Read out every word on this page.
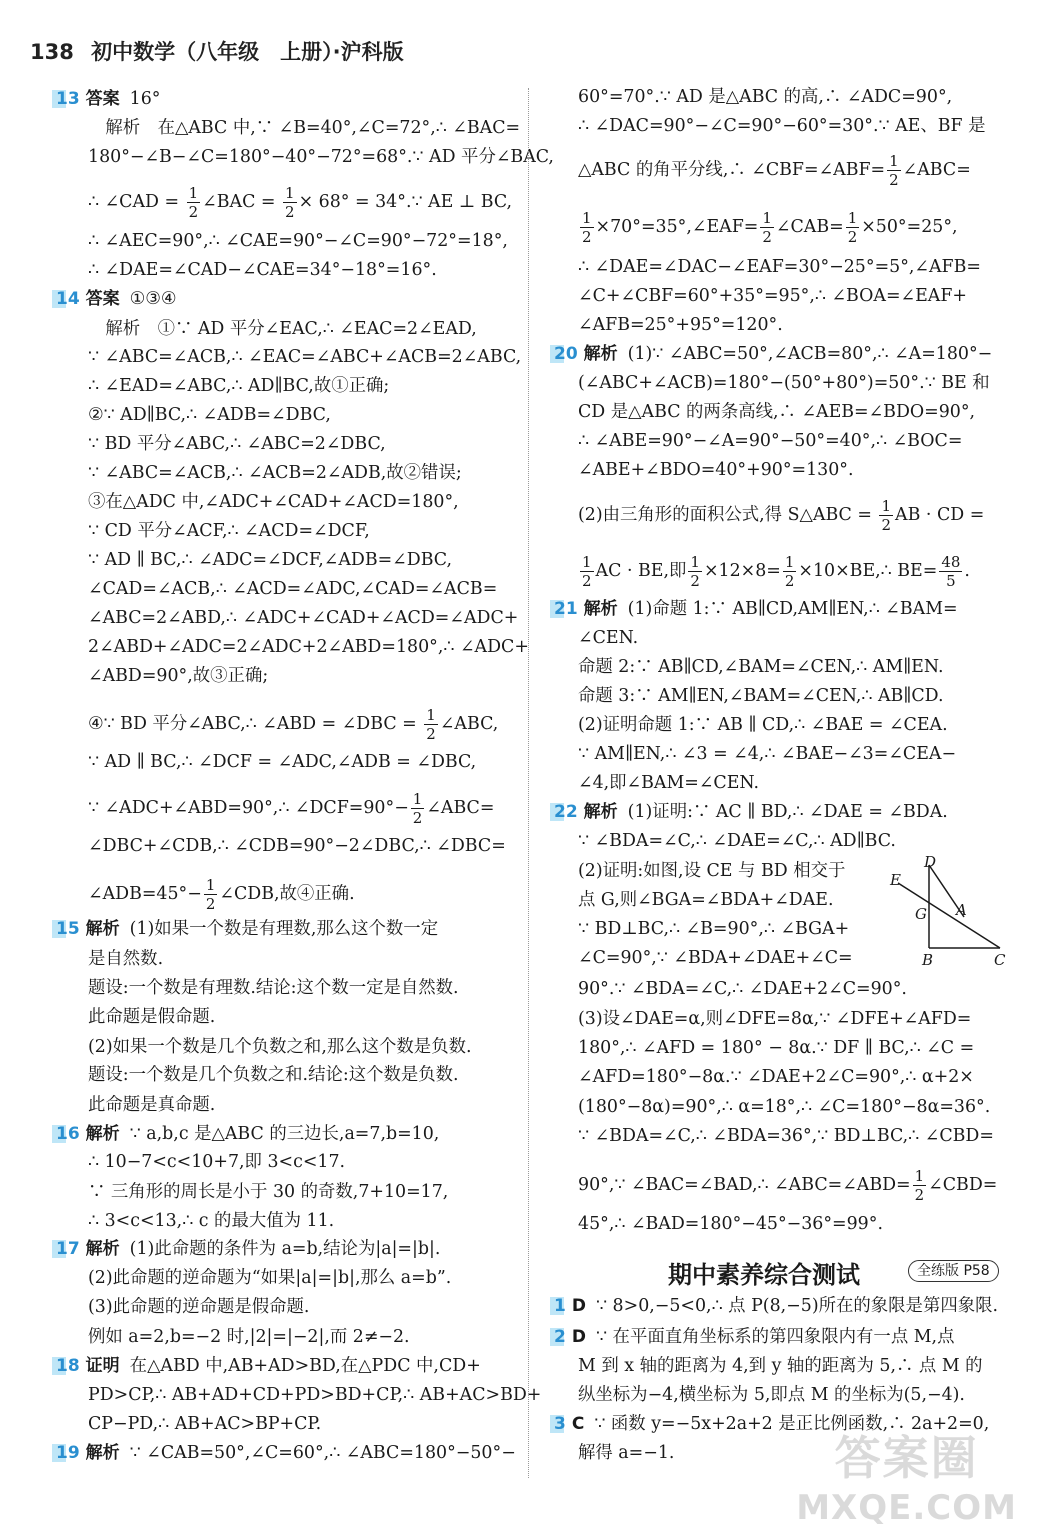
138 初中数学（八年级　上册）·沪科版
13 答案 16°
　解析　在△ABC 中,∵ ∠B=40°,∠C=72°,∴ ∠BAC=
180°−∠B−∠C=180°−40°−72°=68°.∵ AD 平分∠BAC,
∴ ∠CAD = $\frac{1}{2}$ ∠BAC = $\frac{1}{2} \times 68^\circ$ = 34°.∵ AE ⊥ BC,
∴ ∠AEC=90°,∴ ∠CAE=90°−∠C=90°−72°=18°,
∴ ∠DAE=∠CAD−∠CAE=34°−18°=16°.
14 答案 ①③④
　解析　①∵ AD 平分∠EAC,∴ ∠EAC=2∠EAD,
∵ ∠ABC=∠ACB,∴ ∠EAC=∠ABC+∠ACB=2∠ABC,
∴ ∠EAD=∠ABC,∴ AD∥BC,故①正确;
②∵ AD∥BC,∴ ∠ADB=∠DBC,
∵ BD 平分∠ABC,∴ ∠ABC=2∠DBC,
∵ ∠ABC=∠ACB,∴ ∠ACB=2∠ADB,故②错误;
③在△ADC 中,∠ADC+∠CAD+∠ACD=180°,
∵ CD 平分∠ACF,∴ ∠ACD=∠DCF,
∵ AD ∥ BC,∴ ∠ADC=∠DCF,∠ADB=∠DBC,
∠CAD=∠ACB,∴ ∠ACD=∠ADC,∠CAD=∠ACB=
∠ABC=2∠ABD,∴ ∠ADC+∠CAD+∠ACD=∠ADC+
2∠ABD+∠ADC=2∠ADC+2∠ABD=180°,∴ ∠ADC+
∠ABD=90°,故③正确;
④∵ BD 平分∠ABC,∴ ∠ABD = ∠DBC = $\frac{1}{2}$ ∠ABC,
∵ AD ∥ BC,∴ ∠DCF = ∠ADC,∠ADB = ∠DBC,
∵ ∠ADC+∠ABD=90°,∴ ∠DCF=90°− $\frac{1}{2}$ ∠ABC=
∠DBC+∠CDB,∴ ∠CDB=90°−2∠DBC,∴ ∠DBC=
∠ADB=45°− $\frac{1}{2}$ ∠CDB,故④正确.
15 解析 (1)如果一个数是有理数,那么这个数一定
是自然数.
题设:一个数是有理数.结论:这个数一定是自然数.
此命题是假命题.
(2)如果一个数是几个负数之和,那么这个数是负数.
题设:一个数是几个负数之和.结论:这个数是负数.
此命题是真命题.
16 解析 ∵ a,b,c 是△ABC 的三边长,a=7,b=10,
∴ 10−7<c<10+7,即 3<c<17.
∵ 三角形的周长是小于 30 的奇数,7+10=17,
∴ 3<c<13,∴ c 的最大值为 11.
17 解析 (1)此命题的条件为 a=b,结论为|a|=|b|.
(2)此命题的逆命题为“如果|a|=|b|,那么 a=b”.
(3)此命题的逆命题是假命题.
例如 a=2,b=−2 时,|2|=|−2|,而 2≠−2.
18 证明 在△ABD 中,AB+AD>BD,在△PDC 中,CD+
PD>CP,∴ AB+AD+CD+PD>BD+CP,∴ AB+AC>BD+
CP−PD,∴ AB+AC>BP+CP.
19 解析 ∵ ∠CAB=50°,∠C=60°,∴ ∠ABC=180°−50°−
60°=70°.∵ AD 是△ABC 的高,∴ ∠ADC=90°,
∴ ∠DAC=90°−∠C=90°−60°=30°.∵ AE、BF 是
△ABC 的角平分线,∴ ∠CBF=∠ABF= $\frac{1}{2}$ ∠ABC=
$\frac{1}{2}$ ×70°=35°,∠EAF= $\frac{1}{2}$ ∠CAB= $\frac{1}{2} \times 50^\circ=25^\circ$,
∴ ∠DAE=∠DAC−∠EAF=30°−25°=5°,∠AFB=
∠C+∠CBF=60°+35°=95°,∴ ∠BOA=∠EAF+
∠AFB=25°+95°=120°.
20 解析 (1)∵ ∠ABC=50°,∠ACB=80°,∴ ∠A=180°−
(∠ABC+∠ACB)=180°−(50°+80°)=50°.∵ BE 和
CD 是△ABC 的两条高线,∴ ∠AEB=∠BDO=90°,
∴ ∠ABE=90°−∠A=90°−50°=40°,∴ ∠BOC=
∠ABE+∠BDO=40°+90°=130°.
(2)由三角形的面积公式,得 S△ABC = $\frac{1}{2}$ AB · CD =
$\frac{1}{2}$ AC · BE,即 $\frac{1}{2} \times 12\times 8= \frac{1}{2}$ ×10×BE,∴ $BE= \frac{48}{5}$ .
21 解析 (1)命题 1:∵ AB∥CD,AM∥EN,∴ ∠BAM=
∠CEN.
命题 2:∵ AB∥CD,∠BAM=∠CEN,∴ AM∥EN.
命题 3:∵ AM∥EN,∠BAM=∠CEN,∴ AB∥CD.
(2)证明命题 1:∵ AB ∥ CD,∴ ∠BAE = ∠CEA.
∵ AM∥EN,∴ ∠3 = ∠4,∴ ∠BAE−∠3=∠CEA−
∠4,即∠BAM=∠CEN.
22 解析 (1)证明:∵ AC ∥ BD,∴ ∠DAE = ∠BDA.
∵ ∠BDA=∠C,∴ ∠DAE=∠C,∴ AD∥BC.
(2)证明:如图,设 CE 与 BD 相交于
点 G,则∠BGA=∠BDA+∠DAE.
∵ BD⊥BC,∴ ∠B=90°,∴ ∠BGA+
∠C=90°,∵ ∠BDA+∠DAE+∠C=
90°.∵ ∠BDA=∠C,∴ ∠DAE+2∠C=90°.
(3)设∠DAE=α,则∠DFE=8α,∵ ∠DFE+∠AFD=
180°,∴ ∠AFD = 180° − 8α.∵ DF ∥ BC,∴ ∠C =
∠AFD=180°−8α.∵ ∠DAE+2∠C=90°,∴ α+2×
(180°−8α)=90°,∴ α=18°,∴ ∠C=180°−8α=36°.
∵ ∠BDA=∠C,∴ ∠BDA=36°,∵ BD⊥BC,∴ ∠CBD=
90°,∵ ∠BAC=∠BAD,∴ ∠ABC=∠ABD= $\frac{1}{2}$ ∠CBD=
45°,∴ ∠BAD=180°−45°−36°=99°.
期中素养综合测试	全练版 P58
E
D
G A
B	C
答案圈
MXQE.COM
1 D ∵ 8>0,−5<0,∴ 点 P(8,−5)所在的象限是第四象限.
2 D ∵ 在平面直角坐标系的第四象限内有一点 M,点
M 到 x 轴的距离为 4,到 y 轴的距离为 5,∴ 点 M 的
纵坐标为−4,横坐标为 5,即点 M 的坐标为(5,−4).
3 C ∵ 函数 y=−5x+2a+2 是正比例函数,∴ 2a+2=0,
解得 a=−1.
